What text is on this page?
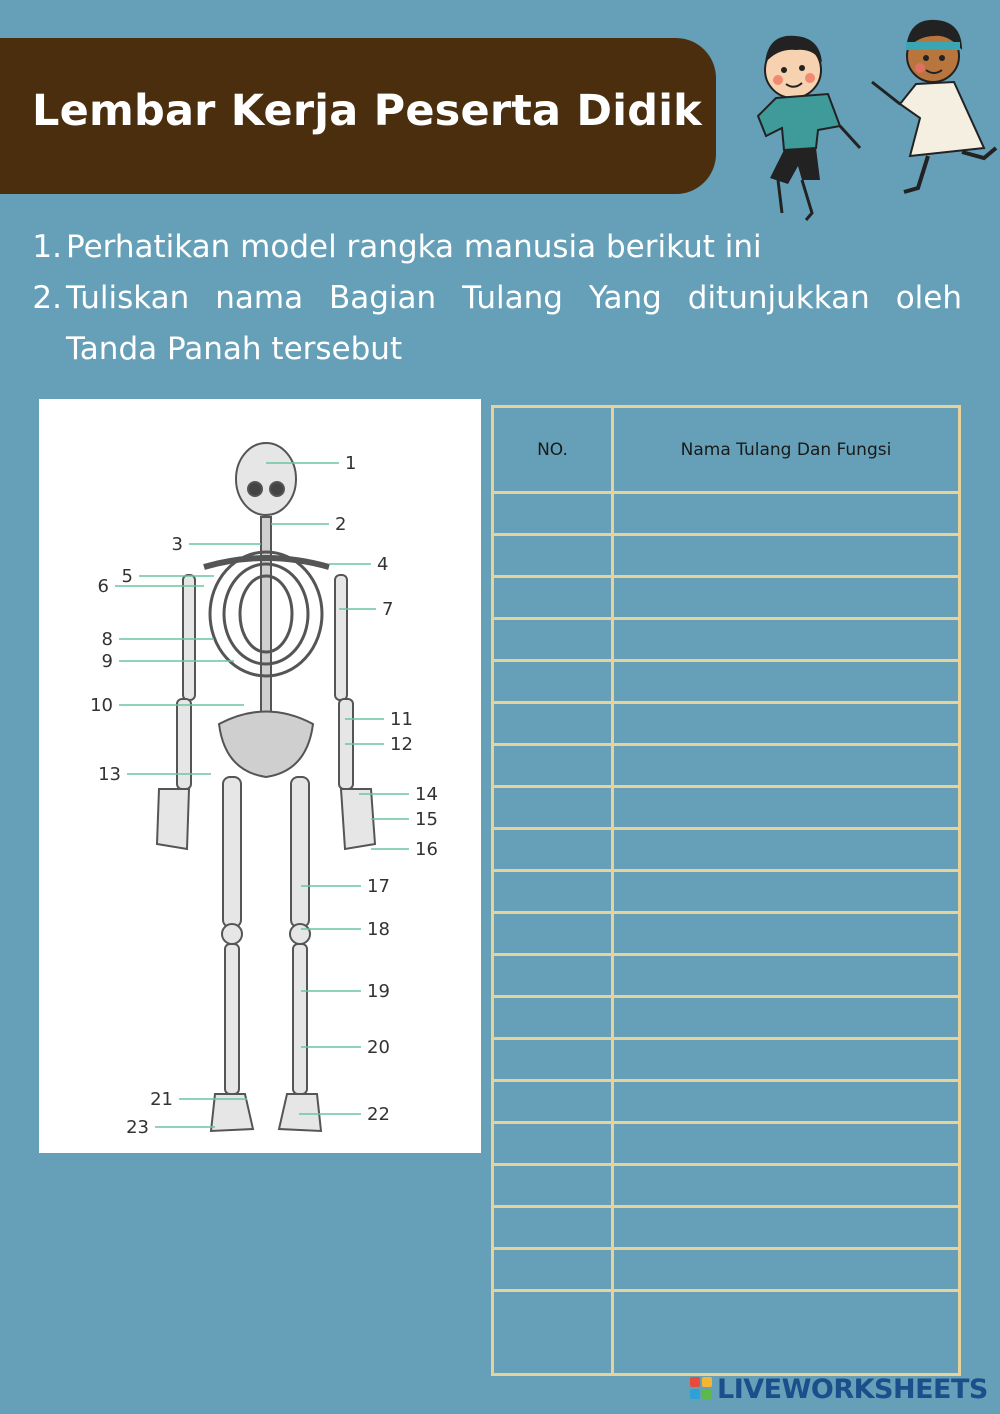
Lembar Kerja Peserta Didik
1. Perhatikan model rangka manusia berikut ini
2. Tuliskan nama Bagian Tulang Yang ditunjukkan oleh Tanda Panah tersebut
1
2
3
4
5
6
7
8
9
10
11
12
13
14
15
16
17
18
19
20
21
22
23
NO.	Nama Tulang Dan Fungsi

LIVEWORKSHEETS
